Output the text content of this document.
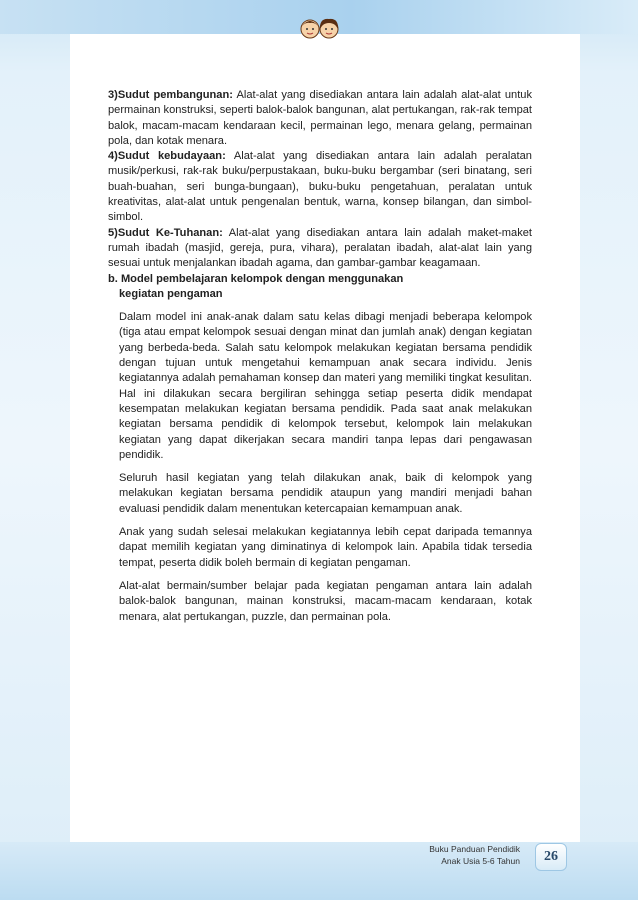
3)Sudut pembangunan: Alat-alat yang disediakan antara lain adalah alat-alat untuk permainan konstruksi, seperti balok-balok bangunan, alat pertukangan, rak-rak tempat balok, macam-macam kendaraan kecil, permainan lego, menara gelang, permainan pola, dan kotak menara.

4)Sudut kebudayaan: Alat-alat yang disediakan antara lain adalah peralatan musik/perkusi, rak-rak buku/perpustakaan, buku-buku bergambar (seri binatang, seri buah-buahan, seri bunga-bungaan), buku-buku pengetahuan, peralatan untuk kreativitas, alat-alat untuk pengenalan bentuk, warna, konsep bilangan, dan simbol-simbol.

5)Sudut Ke-Tuhanan: Alat-alat yang disediakan antara lain adalah maket-maket rumah ibadah (masjid, gereja, pura, vihara), peralatan ibadah, alat-alat lain yang sesuai untuk menjalankan ibadah agama, dan gambar-gambar keagamaan.

b. Model pembelajaran kelompok dengan menggunakan
kegiatan pengaman

Dalam model ini anak-anak dalam satu kelas dibagi menjadi beberapa kelompok (tiga atau empat kelompok sesuai dengan minat dan jumlah anak) dengan kegiatan yang berbeda-beda. Salah satu kelompok melakukan kegiatan bersama pendidik dengan tujuan untuk mengetahui kemampuan anak secara individu. Jenis kegiatannya adalah pemahaman konsep dan materi yang memiliki tingkat kesulitan. Hal ini dilakukan secara bergiliran sehingga setiap peserta didik mendapat kesempatan melakukan kegiatan bersama pendidik. Pada saat anak melakukan kegiatan bersama pendidik di kelompok tersebut, kelompok lain melakukan kegiatan yang dapat dikerjakan secara mandiri tanpa lepas dari pengawasan pendidik.

Seluruh hasil kegiatan yang telah dilakukan anak, baik di kelompok yang melakukan kegiatan bersama pendidik ataupun yang mandiri menjadi bahan evaluasi pendidik dalam menentukan ketercapaian kemampuan anak.

Anak yang sudah selesai melakukan kegiatannya lebih cepat daripada temannya dapat memilih kegiatan yang diminatinya di kelompok lain. Apabila tidak tersedia tempat, peserta didik boleh bermain di kegiatan pengaman.

Alat-alat bermain/sumber belajar pada kegiatan pengaman antara lain adalah balok-balok bangunan, mainan konstruksi, macam-macam kendaraan, kotak menara, alat pertukangan, puzzle, dan permainan pola.

Buku Panduan Pendidik
Anak Usia 5-6 Tahun	26
